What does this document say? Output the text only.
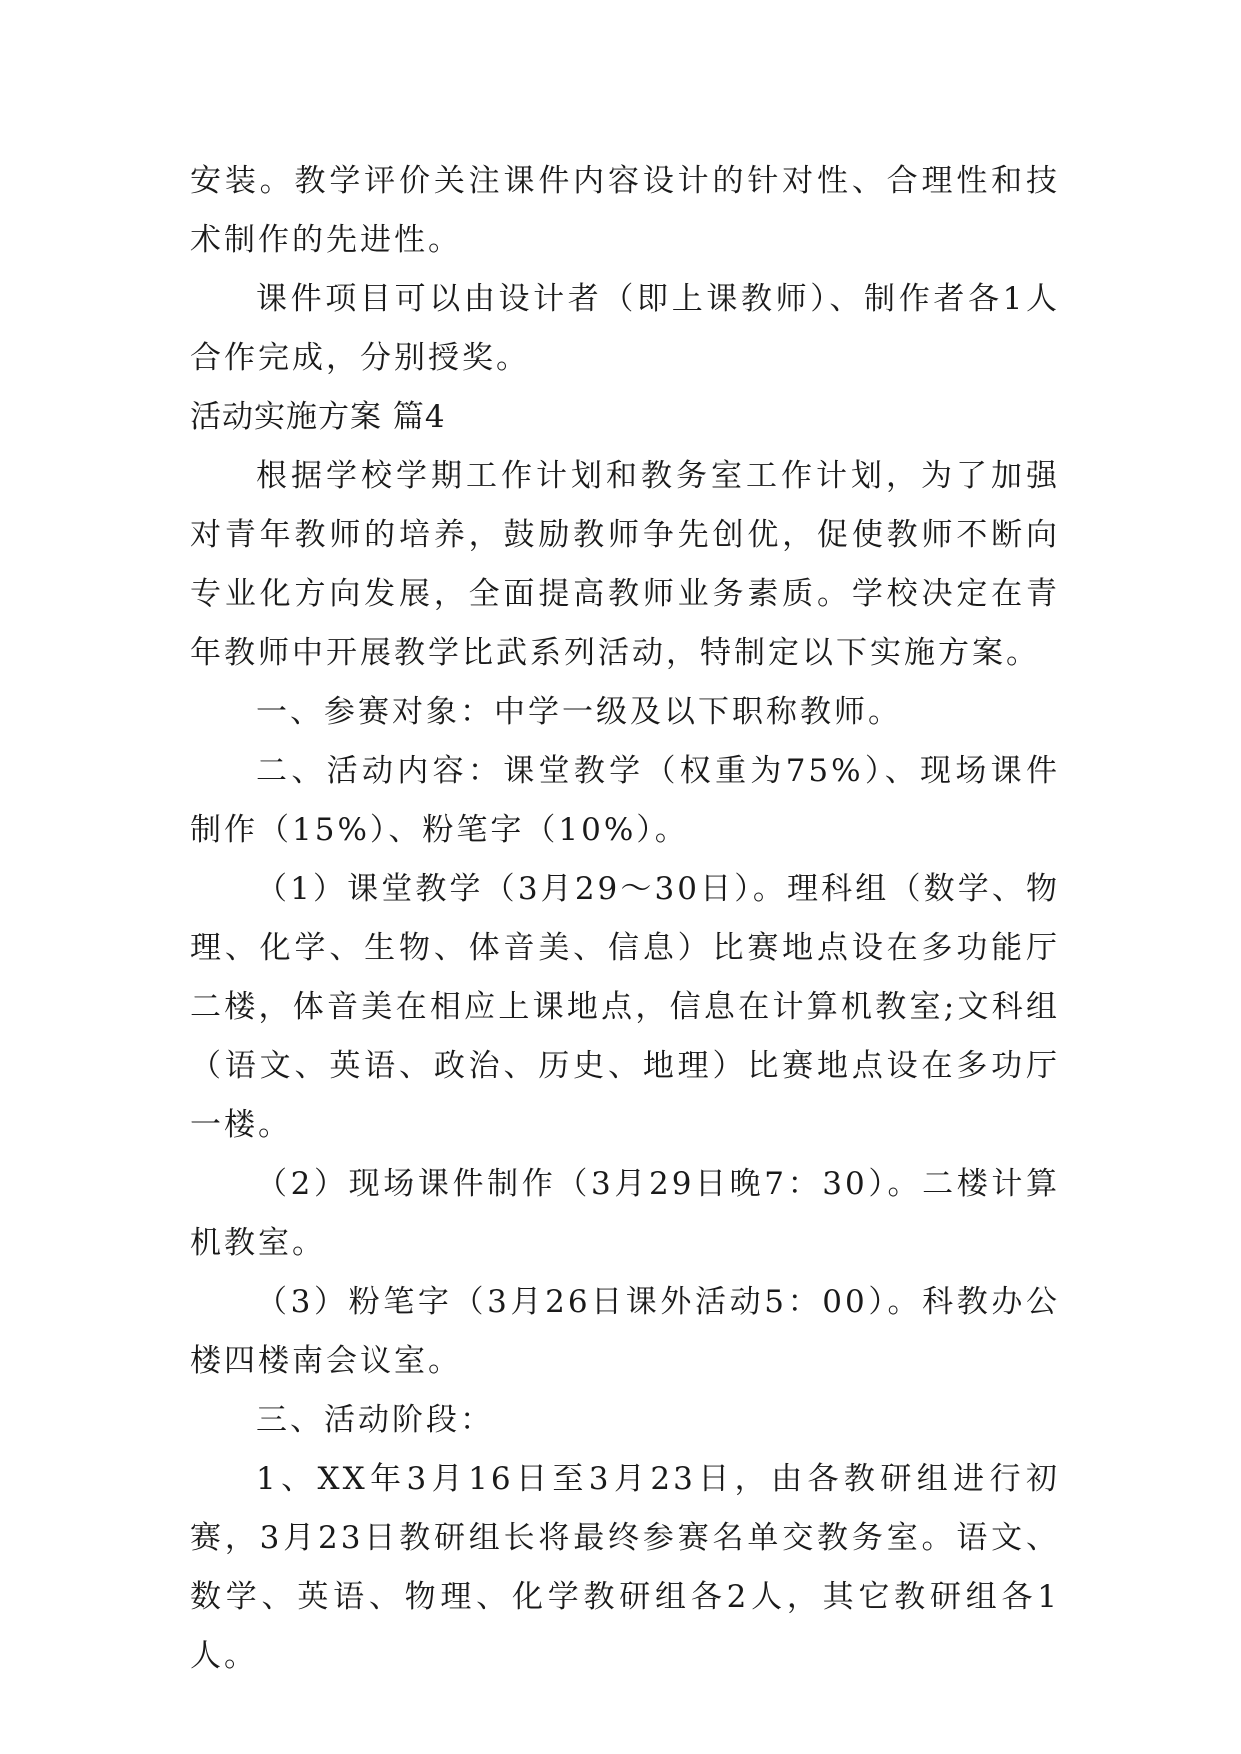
安装。教学评价关注课件内容设计的针对性、合理性和技术制作的先进性。

课件项目可以由设计者（即上课教师）、制作者各1人合作完成，分别授奖。

活动实施方案 篇4

根据学校学期工作计划和教务室工作计划，为了加强对青年教师的培养，鼓励教师争先创优，促使教师不断向专业化方向发展，全面提高教师业务素质。学校决定在青年教师中开展教学比武系列活动，特制定以下实施方案。

一、参赛对象：中学一级及以下职称教师。

二、活动内容：课堂教学（权重为75%）、现场课件制作（15%）、粉笔字（10%）。

（1）课堂教学（3月29～30日）。理科组（数学、物理、化学、生物、体音美、信息）比赛地点设在多功能厅二楼，体音美在相应上课地点，信息在计算机教室;文科组（语文、英语、政治、历史、地理）比赛地点设在多功厅一楼。

（2）现场课件制作（3月29日晚7：30）。二楼计算机教室。

（3）粉笔字（3月26日课外活动5：00）。科教办公楼四楼南会议室。

三、活动阶段：

1、XX年3月16日至3月23日，由各教研组进行初赛，3月23日教研组长将最终参赛名单交教务室。语文、数学、英语、物理、化学教研组各2人，其它教研组各1人。
